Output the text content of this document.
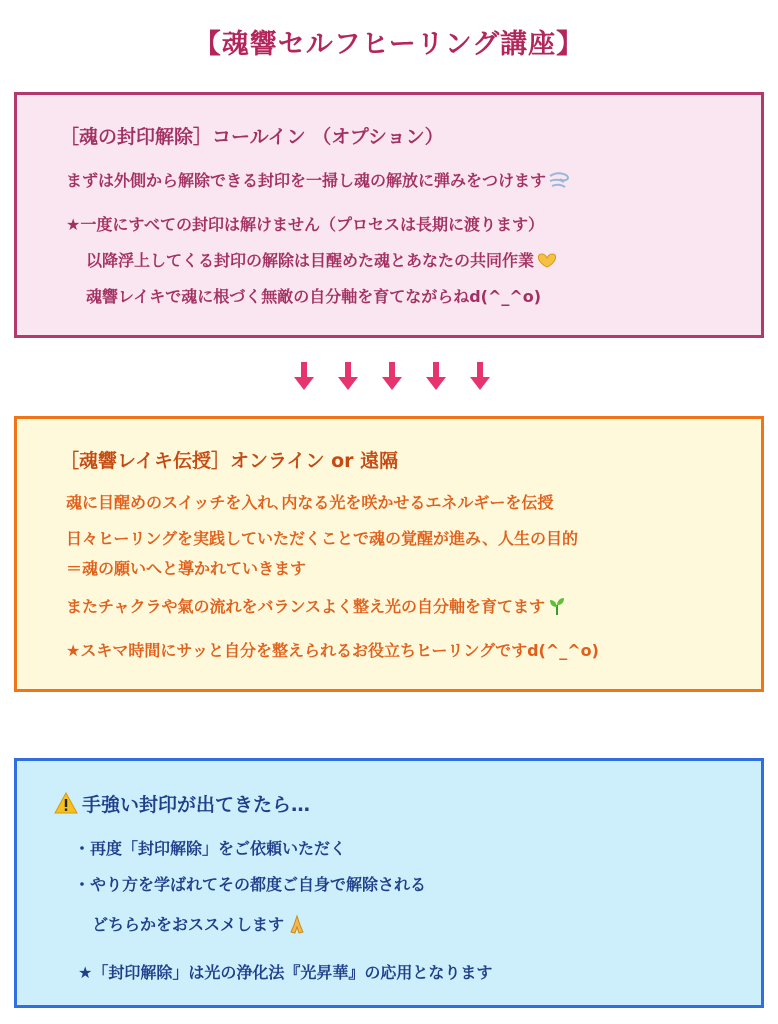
【魂響セルフヒーリング講座】
［魂の封印解除］コールイン （オプション）
まずは外側から解除できる封印を一掃し魂の解放に弾みをつけます
★一度にすべての封印は解けません（プロセスは長期に渡ります）
以降浮上してくる封印の解除は目醒めた魂とあなたの共同作業
魂響レイキで魂に根づく無敵の自分軸を育てながらねd(^_^o)
［魂響レイキ伝授］オンライン or 遠隔
魂に目醒めのスイッチを入れ､内なる光を咲かせるエネルギーを伝授
日々ヒーリングを実践していただくことで魂の覚醒が進み、人生の目的
＝魂の願いへと導かれていきます
またチャクラや氣の流れをバランスよく整え光の自分軸を育てます
★スキマ時間にサッと自分を整えられるお役立ちヒーリングですd(^_^o)
手強い封印が出てきたら…
・再度「封印解除」をご依頼いただく
・やり方を学ばれてその都度ご自身で解除される
どちらかをおススメします
★「封印解除」は光の浄化法『光昇華』の応用となります
